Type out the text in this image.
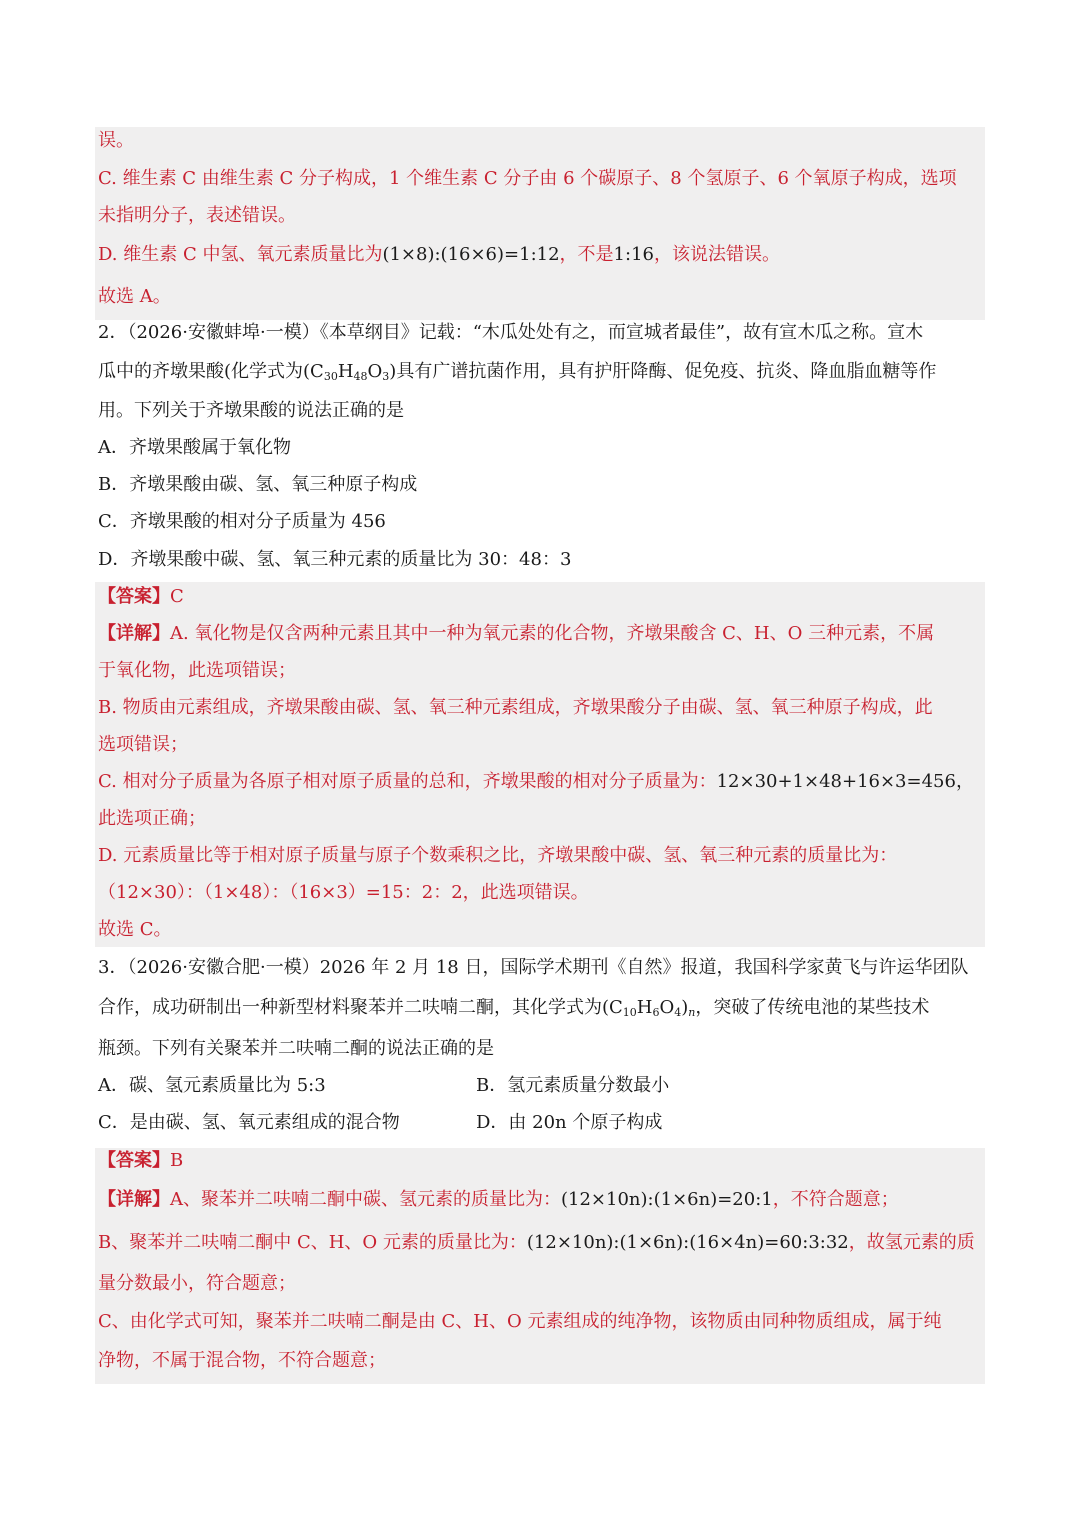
误。
C. 维生素 C 由维生素 C 分子构成，1 个维生素 C 分子由 6 个碳原子、8 个氢原子、6 个氧原子构成，选项
未指明分子，表述错误。
D. 维生素 C 中氢、氧元素质量比为(1×8):(16×6)=1:12，不是1:16，该说法错误。
故选 A。
2．（2026·安徽蚌埠·一模）《本草纲目》记载：“木瓜处处有之，而宣城者最佳”，故有宣木瓜之称。宣木
瓜中的齐墩果酸(化学式为$(C_{30}H_{48}O_3)$具有广谱抗菌作用，具有护肝降酶、促免疫、抗炎、降血脂血糖等作
用。下列关于齐墩果酸的说法正确的是
A．齐墩果酸属于氧化物
B．齐墩果酸由碳、氢、氧三种原子构成
C．齐墩果酸的相对分子质量为 456
D．齐墩果酸中碳、氢、氧三种元素的质量比为 30：48：3
【答案】C
【详解】A. 氧化物是仅含两种元素且其中一种为氧元素的化合物，齐墩果酸含 C、H、O 三种元素，不属
于氧化物，此选项错误；
B. 物质由元素组成，齐墩果酸由碳、氢、氧三种元素组成，齐墩果酸分子由碳、氢、氧三种原子构成，此
选项错误；
C. 相对分子质量为各原子相对原子质量的总和，齐墩果酸的相对分子质量为：12×30+1×48+16×3=456，
此选项正确；
D. 元素质量比等于相对原子质量与原子个数乘积之比，齐墩果酸中碳、氢、氧三种元素的质量比为：
（12×30）：（1×48）：（16×3）=15：2：2，此选项错误。
故选 C。
3．（2026·安徽合肥·一模）2026 年 2 月 18 日，国际学术期刊《自然》报道，我国科学家黄飞与许运华团队
合作，成功研制出一种新型材料聚苯并二呋喃二酮，其化学式为$(C_{10}H_6O_4)_n$，突破了传统电池的某些技术
瓶颈。下列有关聚苯并二呋喃二酮的说法正确的是
A．碳、氢元素质量比为 5:3	B．氢元素质量分数最小
C．是由碳、氢、氧元素组成的混合物	D．由 20n 个原子构成
【答案】B
【详解】A、聚苯并二呋喃二酮中碳、氢元素的质量比为：(12×10n):(1×6n)=20:1，不符合题意；
B、聚苯并二呋喃二酮中 C、H、O 元素的质量比为：(12×10n):(1×6n):(16×4n)=60:3:32，故氢元素的质
量分数最小，符合题意；
C、由化学式可知，聚苯并二呋喃二酮是由 C、H、O 元素组成的纯净物，该物质由同种物质组成，属于纯
净物，不属于混合物，不符合题意；
